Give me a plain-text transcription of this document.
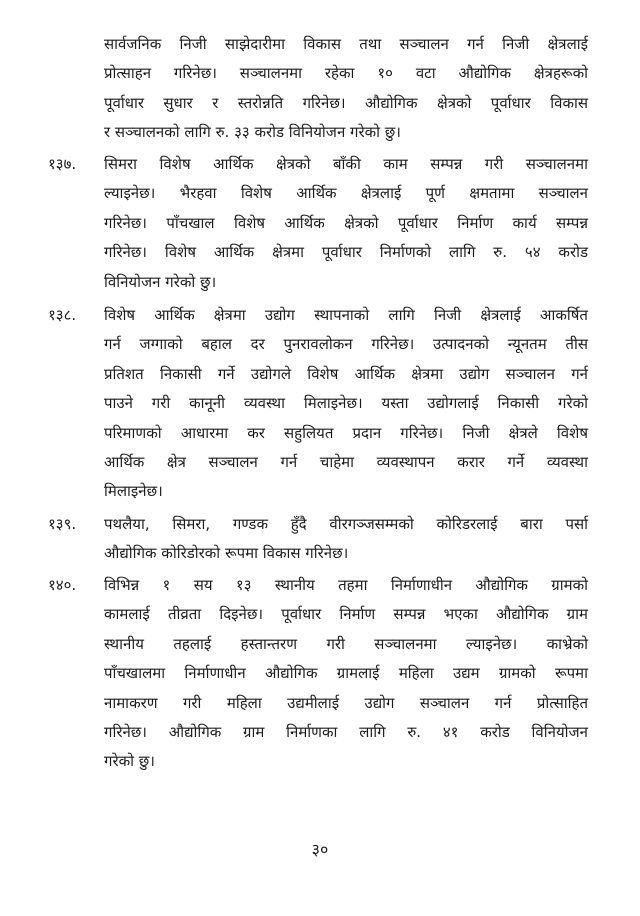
सार्वजनिक निजी साझेदारीमा विकास तथा सञ्चालन गर्न निजी क्षेत्रलाई
प्रोत्साहन गरिनेछ। सञ्चालनमा रहेका १० वटा औद्योगिक क्षेत्रहरूको
पूर्वाधार सुधार र स्तरोन्नति गरिनेछ। औद्योगिक क्षेत्रको पूर्वाधार विकास
र सञ्चालनको लागि रु. ३३ करोड विनियोजन गरेको छु।
१३७.	सिमरा विशेष आर्थिक क्षेत्रको बाँकी काम सम्पन्न गरी सञ्चालनमा
ल्याइनेछ। भैरहवा विशेष आर्थिक क्षेत्रलाई पूर्ण क्षमतामा सञ्चालन
गरिनेछ। पाँचखाल विशेष आर्थिक क्षेत्रको पूर्वाधार निर्माण कार्य सम्पन्न
गरिनेछ। विशेष आर्थिक क्षेत्रमा पूर्वाधार निर्माणको लागि रु. ५४ करोड
विनियोजन गरेको छु।
१३८.	विशेष आर्थिक क्षेत्रमा उद्योग स्थापनाको लागि निजी क्षेत्रलाई आकर्षित
गर्न जग्गाको बहाल दर पुनरावलोकन गरिनेछ। उत्पादनको न्यूनतम तीस
प्रतिशत निकासी गर्ने उद्योगले विशेष आर्थिक क्षेत्रमा उद्योग सञ्चालन गर्न
पाउने गरी कानूनी व्यवस्था मिलाइनेछ। यस्ता उद्योगलाई निकासी गरेको
परिमाणको आधारमा कर सहुलियत प्रदान गरिनेछ। निजी क्षेत्रले विशेष
आर्थिक क्षेत्र सञ्चालन गर्न चाहेमा व्यवस्थापन करार गर्ने व्यवस्था
मिलाइनेछ।
१३९.	पथलैया, सिमरा, गण्डक हुँदै वीरगञ्जसम्मको कोरिडरलाई बारा पर्सा
औद्योगिक कोरिडोरको रूपमा विकास गरिनेछ।
१४०.	विभिन्न १ सय १३ स्थानीय तहमा निर्माणाधीन औद्योगिक ग्रामको
कामलाई तीव्रता दिइनेछ। पूर्वाधार निर्माण सम्पन्न भएका औद्योगिक ग्राम
स्थानीय तहलाई हस्तान्तरण गरी सञ्चालनमा ल्याइनेछ। काभ्रेको
पाँचखालमा निर्माणाधीन औद्योगिक ग्रामलाई महिला उद्यम ग्रामको रूपमा
नामाकरण गरी महिला उद्यमीलाई उद्योग सञ्चालन गर्न प्रोत्साहित
गरिनेछ। औद्योगिक ग्राम निर्माणका लागि रु. ४१ करोड विनियोजन
गरेको छु।
३०
